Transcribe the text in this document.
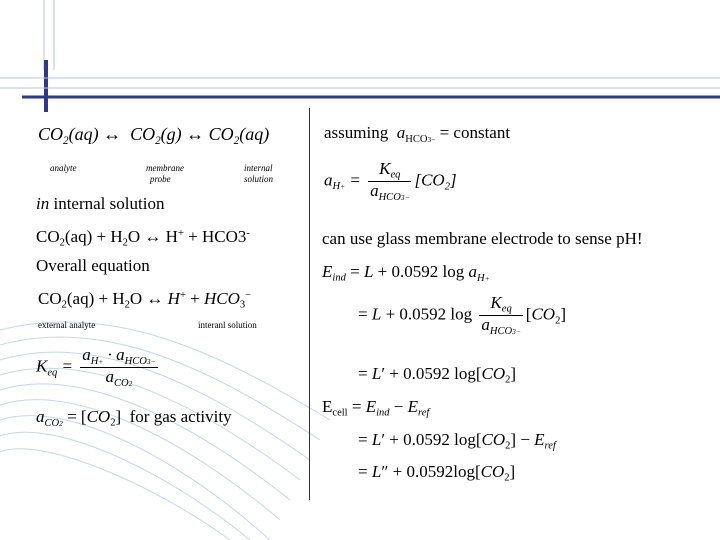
$CO_2(aq)$ ↔  $CO_2(g)$ ↔ $CO_2(aq)$
analyte	membrane
probe
internal
solution
in internal solution
$CO_2(aq) + H_2O$ ↔ H+ + HCO3-
Overall equation
$CO_2(aq) + H_2O$ ↔ $H^+ + HCO_3^-$
external analyte	interanl solution
$K_{eq} = \frac{a_{H+} \cdot a_{HCO3-}}{a_{CO2}}$
$a_{CO2} = [CO_2]$  for gas activity
assuming  $a_{HCO3-}$ = constant
$a_{H+} = \frac{K_{eq}}{a_{HCO3-}} [CO_2]$
can use glass membrane electrode to sense pH!
$E_{ind} = L + 0.0592$ $\log a_{H+}$
= L + 0.0592 $\log \frac{K_{eq}}{a_{HCO3-}} [CO_2]$
= L′ + 0.0592 $\log[CO_2]$
$E_{cell} = E_{ind} - E_{ref}$
= L′ + 0.0592 $\log[CO_2] - E_{ref}$
= $L'' + 0.0592\log[CO_2]$
